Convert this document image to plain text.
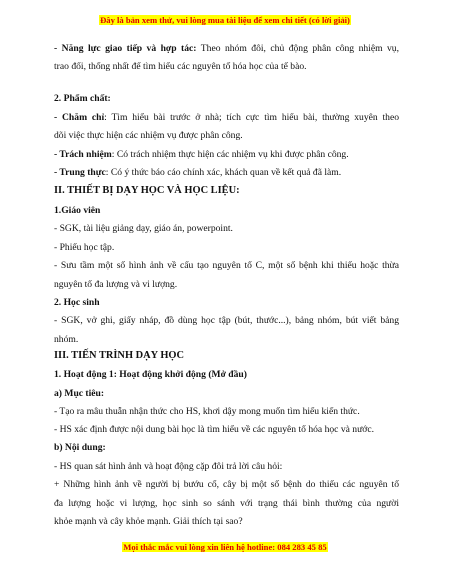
Đây là bản xem thử, vui lòng mua tài liệu để xem chi tiết (có lời giải)
- Năng lực giao tiếp và hợp tác: Theo nhóm đôi, chủ động phân công nhiệm vụ,
trao đổi, thống nhất để tìm hiểu các nguyên tố hóa học của tế bào.
2. Phẩm chất:
- Chăm chỉ: Tìm hiểu bài trước ở nhà; tích cực tìm hiểu bài, thường xuyên theo
dõi việc thực hiện các nhiệm vụ được phân công.
- Trách nhiệm: Có trách nhiệm thực hiện các nhiệm vụ khi được phân công.
- Trung thực: Có ý thức báo cáo chính xác, khách quan về kết quả đã làm.
II. THIẾT BỊ DẠY HỌC VÀ HỌC LIỆU:
1.Giáo viên
- SGK, tài liệu giảng dạy, giáo án, powerpoint.
- Phiếu học tập.
- Sưu tầm một số hình ảnh về cấu tạo nguyên tố C, một số bệnh khi thiếu hoặc thừa
nguyên tố đa lượng và vi lượng.
2. Học sinh
- SGK, vở ghi, giấy nháp, đồ dùng học tập (bút, thước...), bảng nhóm, bút viết bảng
nhóm.
III. TIẾN TRÌNH DẠY HỌC
1. Hoạt động 1: Hoạt động khởi động (Mở đầu)
a) Mục tiêu:
- Tạo ra mâu thuẫn nhận thức cho HS, khơi dậy mong muốn tìm hiểu kiến thức.
- HS xác định được nội dung bài học là tìm hiểu về các nguyên tố hóa học và nước.
b) Nội dung:
- HS quan sát hình ảnh và hoạt động cặp đôi trả lời câu hỏi:
+ Những hình ảnh về người bị bướu cổ, cây bị một số bệnh do thiếu các nguyên tố
đa lượng hoặc vi lượng, học sinh so sánh với trạng thái bình thường của người
khỏe mạnh và cây khỏe mạnh. Giải thích tại sao?
Mọi thắc mắc vui lòng xin liên hệ hotline: 084 283 45 85
